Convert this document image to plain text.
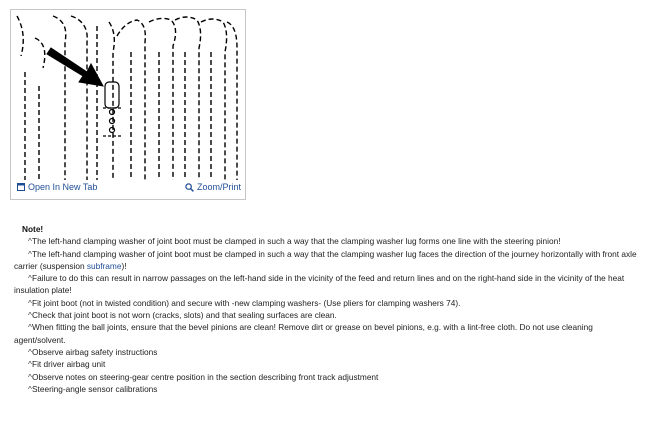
Open In New Tab	Zoom/Print
Note!

^The left-hand clamping washer of joint boot must be clamped in such a way that the clamping washer lug forms one line with the steering pinion!

^The left-hand clamping washer of joint boot must be clamped in such a way that the clamping washer lug faces the direction of the journey horizontally with front axle carrier (suspension subframe)!

^Failure to do this can result in narrow passages on the left-hand side in the vicinity of the feed and return lines and on the right-hand side in the vicinity of the heat insulation plate!

^Fit joint boot (not in twisted condition) and secure with -new clamping washers- (Use pliers for clamping washers 74).

^Check that joint boot is not worn (cracks, slots) and that sealing surfaces are clean.

^When fitting the ball joints, ensure that the bevel pinions are clean! Remove dirt or grease on bevel pinions, e.g. with a lint-free cloth. Do not use cleaning agent/solvent.

^Observe airbag safety instructions

^Fit driver airbag unit

^Observe notes on steering-gear centre position in the section describing front track adjustment

^Steering-angle sensor calibrations
